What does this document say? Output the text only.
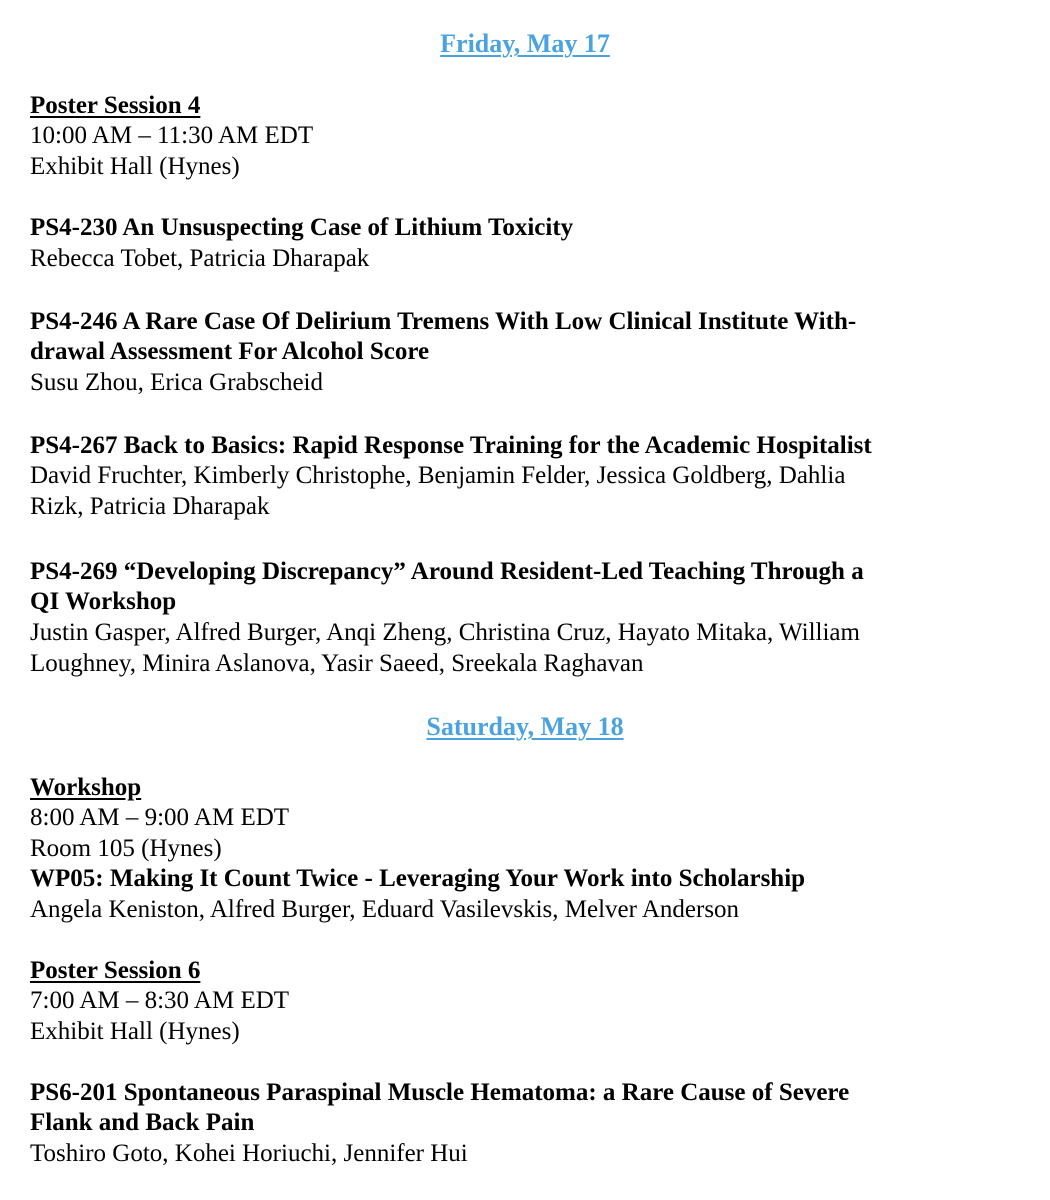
Friday, May 17
Poster Session 4
10:00 AM – 11:30 AM EDT
Exhibit Hall (Hynes)
PS4-230 An Unsuspecting Case of Lithium Toxicity
Rebecca Tobet, Patricia Dharapak
PS4-246 A Rare Case Of Delirium Tremens With Low Clinical Institute With-
drawal Assessment For Alcohol Score
Susu Zhou, Erica Grabscheid
PS4-267 Back to Basics: Rapid Response Training for the Academic Hospitalist
David Fruchter, Kimberly Christophe, Benjamin Felder, Jessica Goldberg, Dahlia
Rizk, Patricia Dharapak
PS4-269 “Developing Discrepancy” Around Resident-Led Teaching Through a
QI Workshop
Justin Gasper, Alfred Burger, Anqi Zheng, Christina Cruz, Hayato Mitaka, William
Loughney, Minira Aslanova, Yasir Saeed, Sreekala Raghavan
Saturday, May 18
Workshop
8:00 AM – 9:00 AM EDT
Room 105 (Hynes)
WP05: Making It Count Twice - Leveraging Your Work into Scholarship
Angela Keniston, Alfred Burger, Eduard Vasilevskis, Melver Anderson
Poster Session 6
7:00 AM – 8:30 AM EDT
Exhibit Hall (Hynes)
PS6-201 Spontaneous Paraspinal Muscle Hematoma: a Rare Cause of Severe
Flank and Back Pain
Toshiro Goto, Kohei Horiuchi, Jennifer Hui
